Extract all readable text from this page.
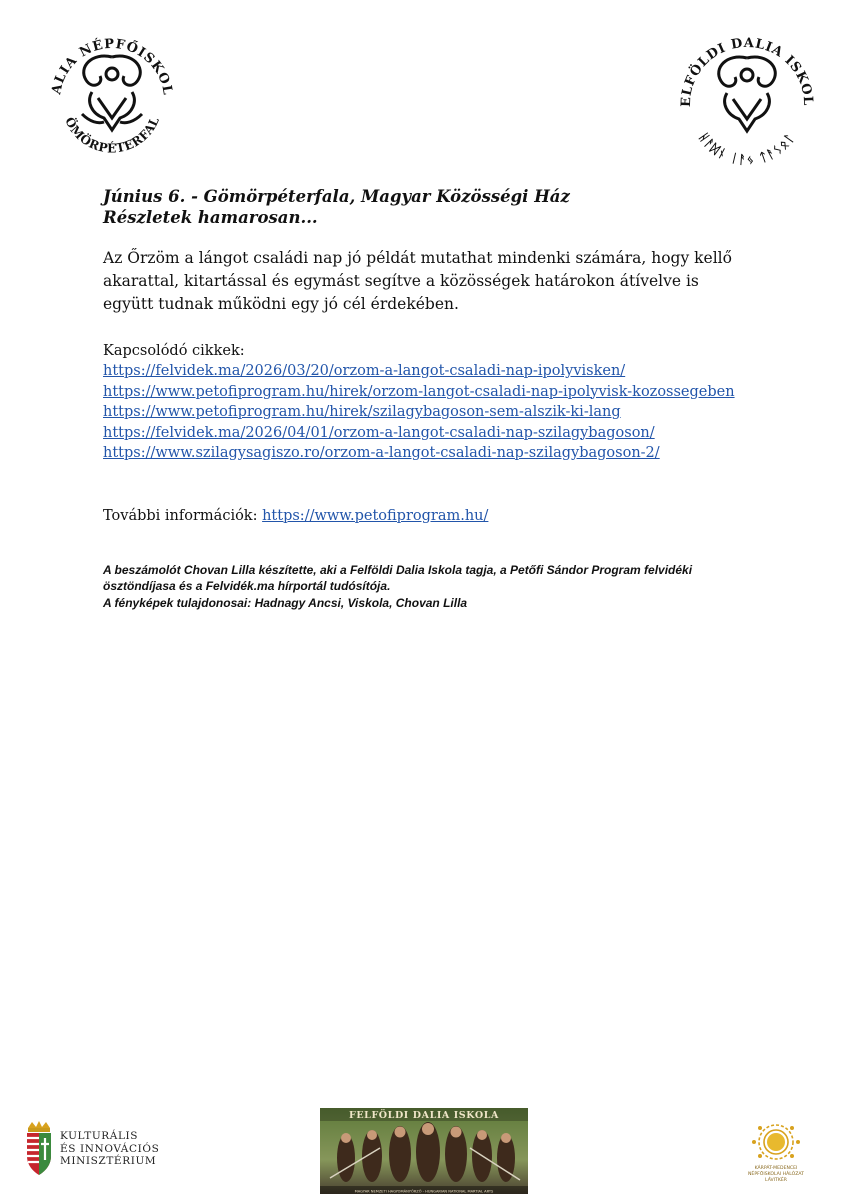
ALIA NÉPFŐISKOL
ÖMÖRPÉTERFAL
ELFÖLDI DALIA ISKOL
ᚺᚨᛞᚾ ᛁᚨᛃ ᛏᚨᛊᛟᛚ

Június 6. - Gömörpéterfala, Magyar Közösségi Ház
Részletek hamarosan...

Az Őrzöm a lángot családi nap jó példát mutathat mindenki számára, hogy kellő akarattal, kitartással és egymást segítve a közösségek határokon átívelve is együtt tudnak működni egy jó cél érdekében.

Kapcsolódó cikkek:

https://felvidek.ma/2026/03/20/orzom-a-langot-csaladi-nap-ipolyvisken/
https://www.petofiprogram.hu/hirek/orzom-langot-csaladi-nap-ipolyvisk-kozossegeben
https://www.petofiprogram.hu/hirek/szilagybagoson-sem-alszik-ki-lang
https://felvidek.ma/2026/04/01/orzom-a-langot-csaladi-nap-szilagybagoson/
https://www.szilagysagiszo.ro/orzom-a-langot-csaladi-nap-szilagybagoson-2/

További információk: https://www.petofiprogram.hu/

A beszámolót Chovan Lilla készítette, aki a Felföldi Dalia Iskola tagja, a Petőfi Sándor Program felvidéki ösztöndíjasa és a Felvidék.ma hírportál tudósítója.
A fényképek tulajdonosai: Hadnagy Ancsi, Viskola, Chovan Lilla

KULTURÁLIS
ÉS INNOVÁCIÓS
MINISZTÉRIUM
FELFÖLDI DALIA ISKOLA
MAGYAR NEMZETI HAGYOMÁNYŐRZŐ - HUNGARIAN NATIONAL MARTIAL ARTS
KÁRPÁT-MEDENCEI
NÉPFŐISKOLAI HÁLÓZAT
LÁVITKÉR
